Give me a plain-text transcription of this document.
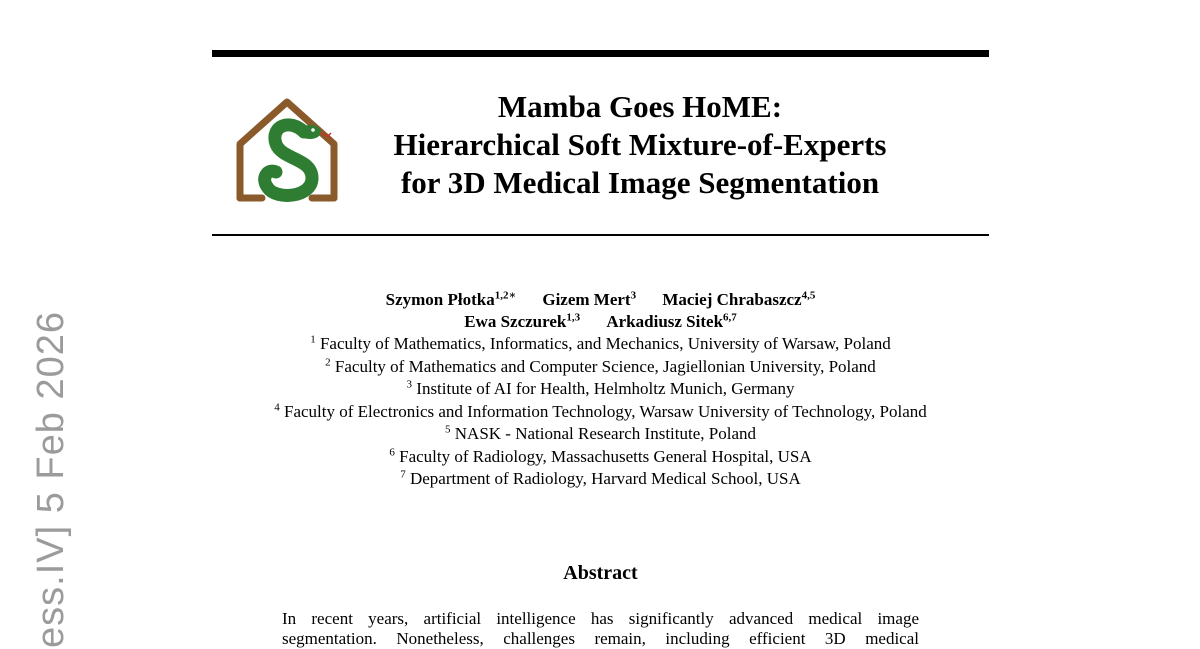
Mamba Goes HoME:
Hierarchical Soft Mixture-of-Experts
for 3D Medical Image Segmentation
Szymon Płotka$^{1,2∗}$ Gizem Mert$^3$ Maciej Chrabaszcz$^{4,5}$
Ewa Szczurek$^{1,3}$ Arkadiusz Sitek$^{6,7}$
$^1$ Faculty of Mathematics, Informatics, and Mechanics, University of Warsaw, Poland
$^2$ Faculty of Mathematics and Computer Science, Jagiellonian University, Poland
$^3$ Institute of AI for Health, Helmholtz Munich, Germany
$^4$ Faculty of Electronics and Information Technology, Warsaw University of Technology, Poland
$^5$ NASK - National Research Institute, Poland
$^6$ Faculty of Radiology, Massachusetts General Hospital, USA
$^7$ Department of Radiology, Harvard Medical School, USA
Abstract
In recent years, artificial intelligence has significantly advanced medical image
segmentation. Nonetheless, challenges remain, including efficient 3D medical
ess.IV] 5 Feb 2026
